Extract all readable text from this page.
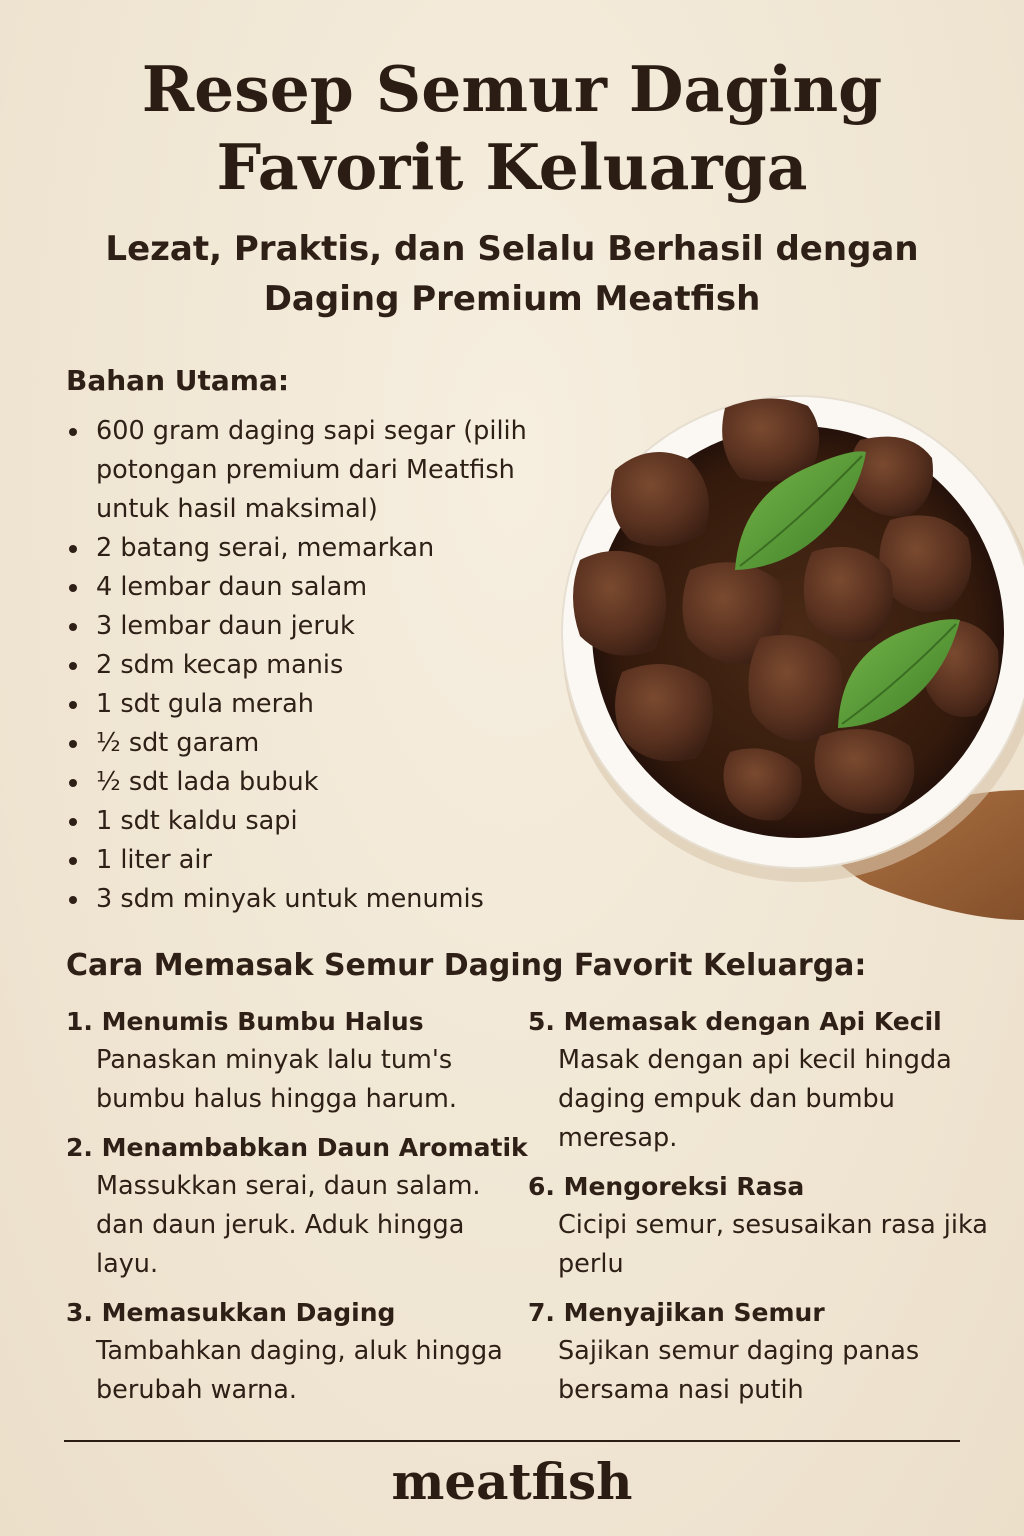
Resep Semur Daging
Favorit Keluarga
Lezat, Praktis, dan Selalu Berhasil dengan
Daging Premium Meatfish
Bahan Utama:
600 gram daging sapi segar (pilih potongan premium dari Meatfish untuk hasil maksimal)
2 batang serai, memarkan
4 lembar daun salam
3 lembar daun jeruk
2 sdm kecap manis
1 sdt gula merah
½ sdt garam
½ sdt lada bubuk
1 sdt kaldu sapi
1 liter air
3 sdm minyak untuk menumis
Cara Memasak Semur Daging Favorit Keluarga:
1. Menumis Bumbu Halus
Panaskan minyak lalu tum's bumbu halus hingga harum.
2. Menambabkan Daun Aromatik
Massukkan serai, daun salam. dan daun jeruk. Aduk hingga layu.
3. Memasukkan Daging
Tambahkan daging, aluk hingga berubah warna.
5. Memasak dengan Api Kecil
Masak dengan api kecil hingda daging empuk dan bumbu meresap.
6. Mengoreksi Rasa
Cicipi semur, sesusaikan rasa jika perlu
7. Menyajikan Semur
Sajikan semur daging panas bersama nasi putih
meatfish
